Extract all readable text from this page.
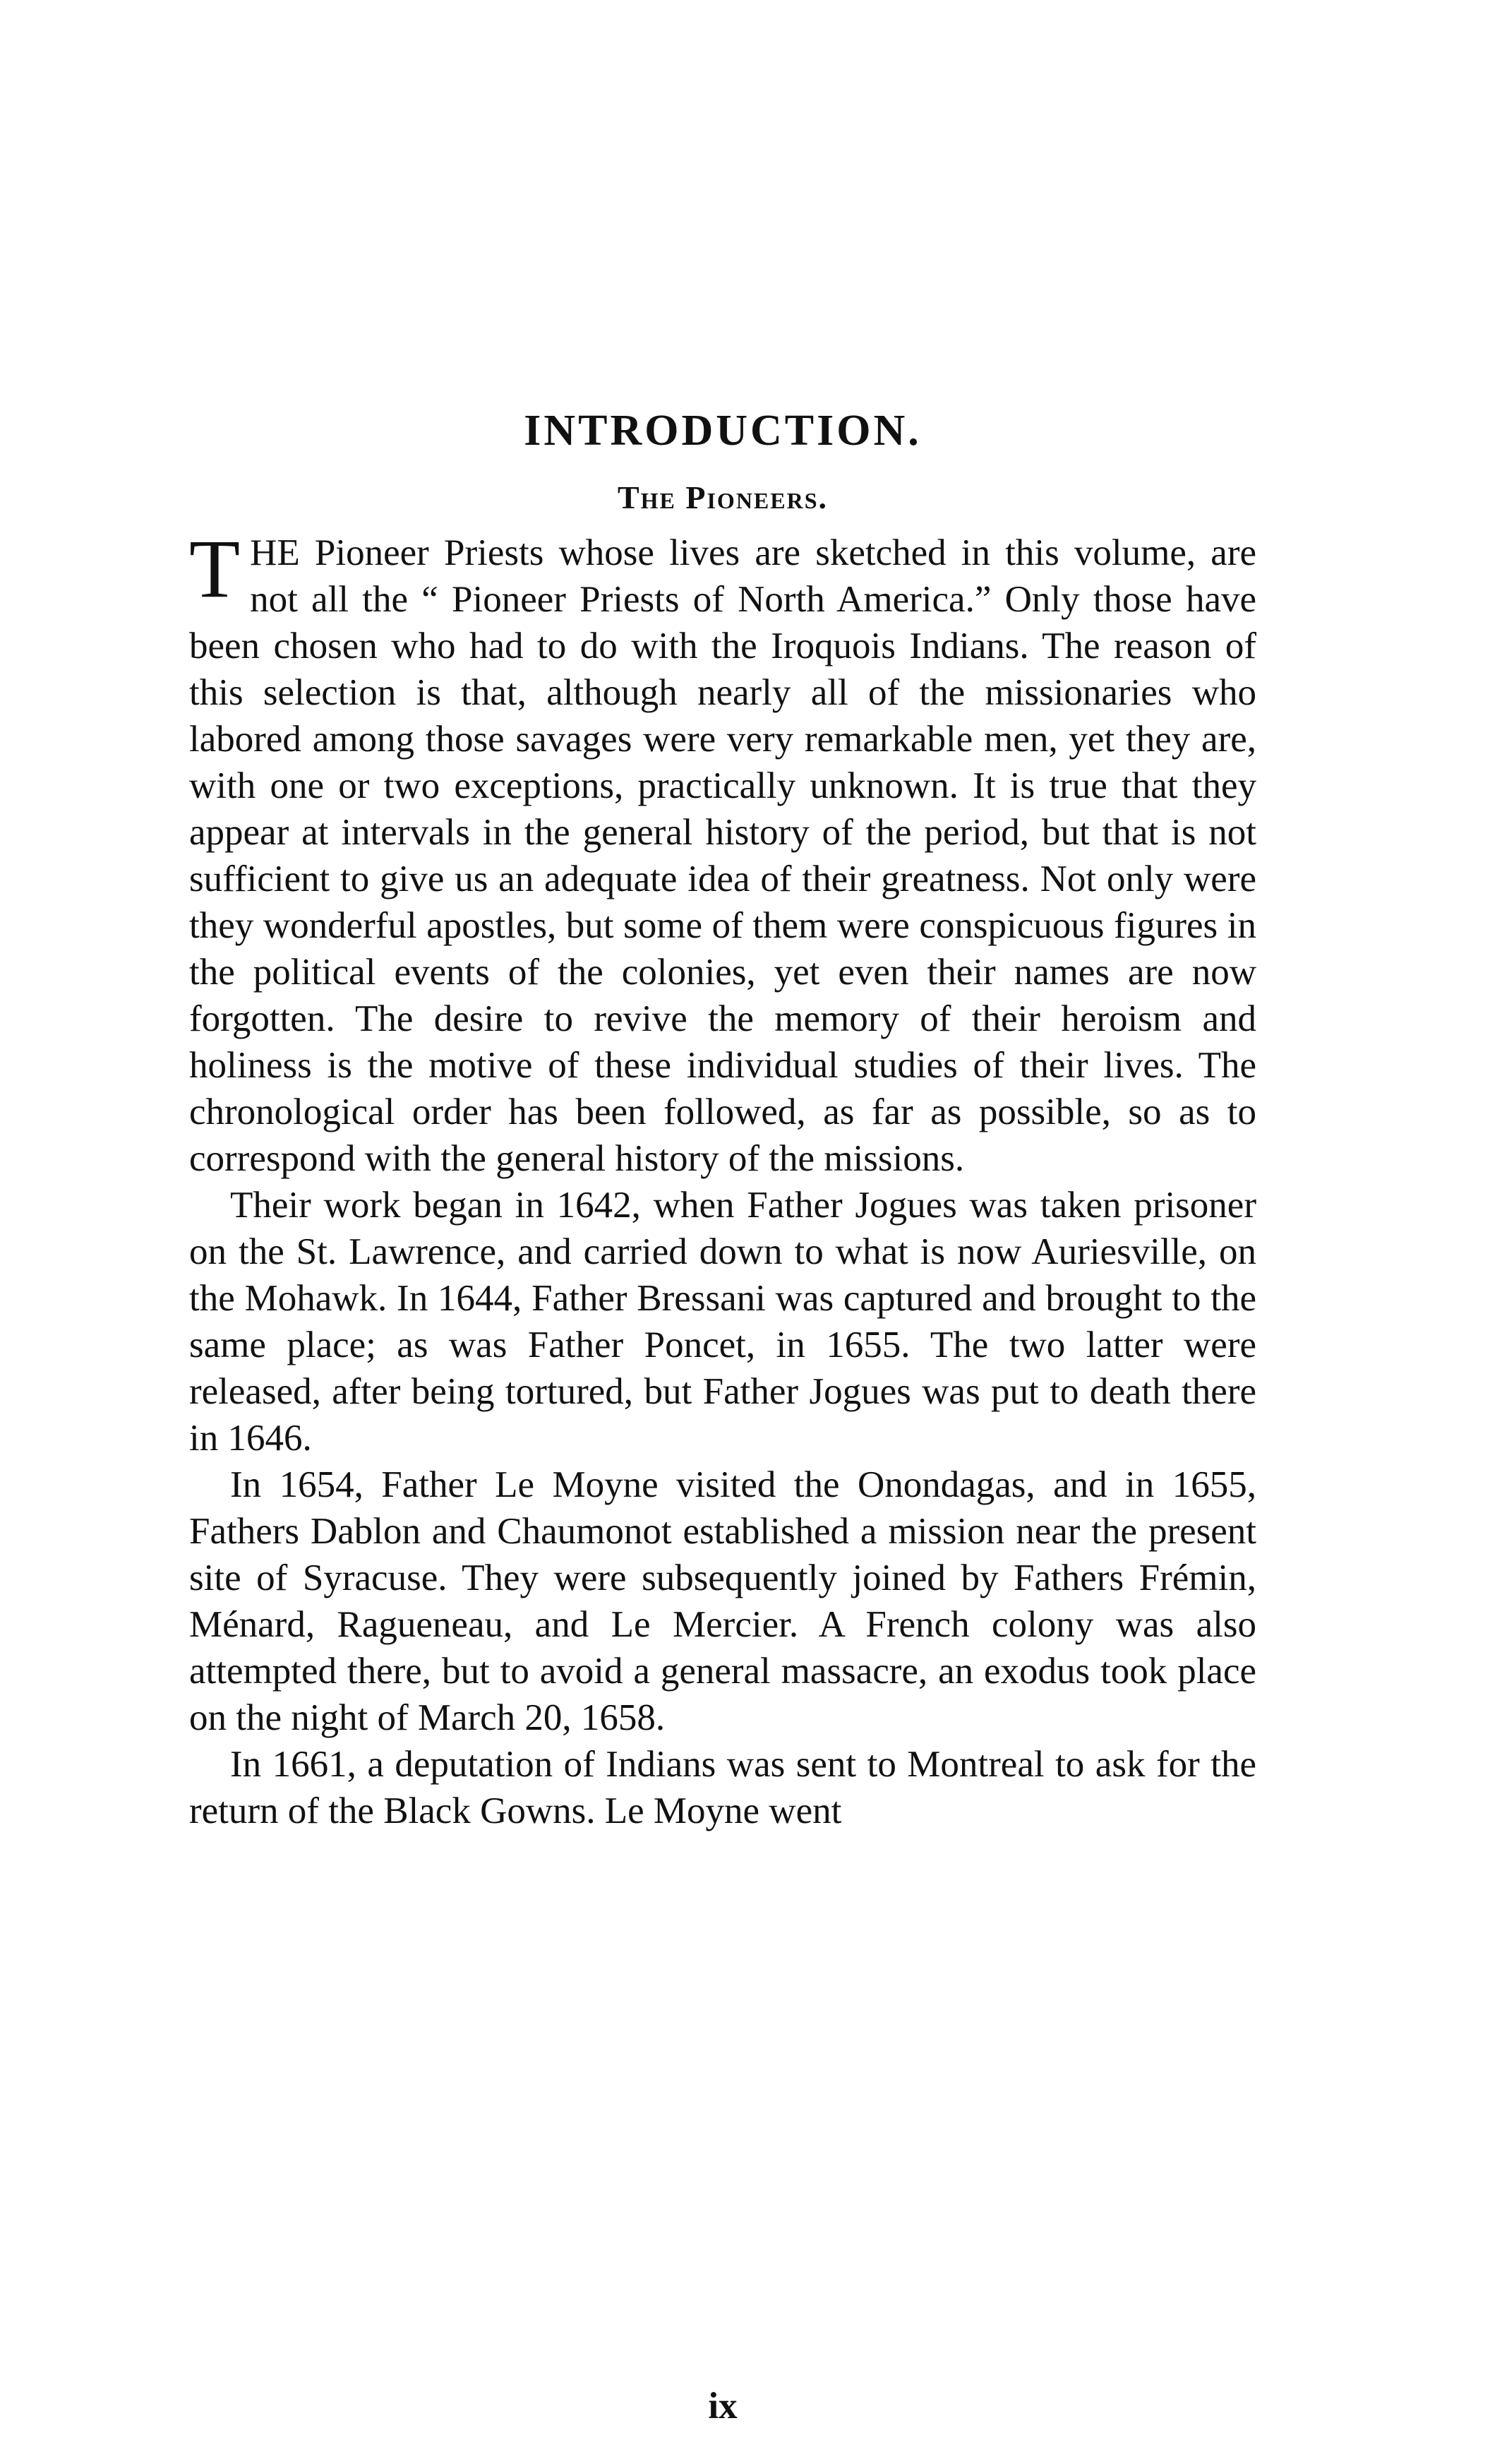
INTRODUCTION.
The Pioneers.

THE Pioneer Priests whose lives are sketched in this volume, are not all the “ Pioneer Priests of North America.” Only those have been chosen who had to do with the Iroquois Indians. The reason of this selection is that, although nearly all of the missionaries who labored among those savages were very remarkable men, yet they are, with one or two exceptions, practically unknown. It is true that they appear at intervals in the general history of the period, but that is not sufficient to give us an adequate idea of their greatness. Not only were they wonderful apostles, but some of them were conspicuous figures in the political events of the colonies, yet even their names are now forgotten. The desire to revive the memory of their heroism and holiness is the motive of these individual studies of their lives. The chronological order has been followed, as far as possible, so as to correspond with the general history of the missions.

Their work began in 1642, when Father Jogues was taken prisoner on the St. Lawrence, and carried down to what is now Auriesville, on the Mohawk. In 1644, Father Bressani was captured and brought to the same place; as was Father Poncet, in 1655. The two latter were released, after being tortured, but Father Jogues was put to death there in 1646.

In 1654, Father Le Moyne visited the Onondagas, and in 1655, Fathers Dablon and Chaumonot established a mission near the present site of Syracuse. They were subsequently joined by Fathers Frémin, Ménard, Ragueneau, and Le Mercier. A French colony was also attempted there, but to avoid a general massacre, an exodus took place on the night of March 20, 1658.

In 1661, a deputation of Indians was sent to Montreal to ask for the return of the Black Gowns. Le Moyne went

ix
